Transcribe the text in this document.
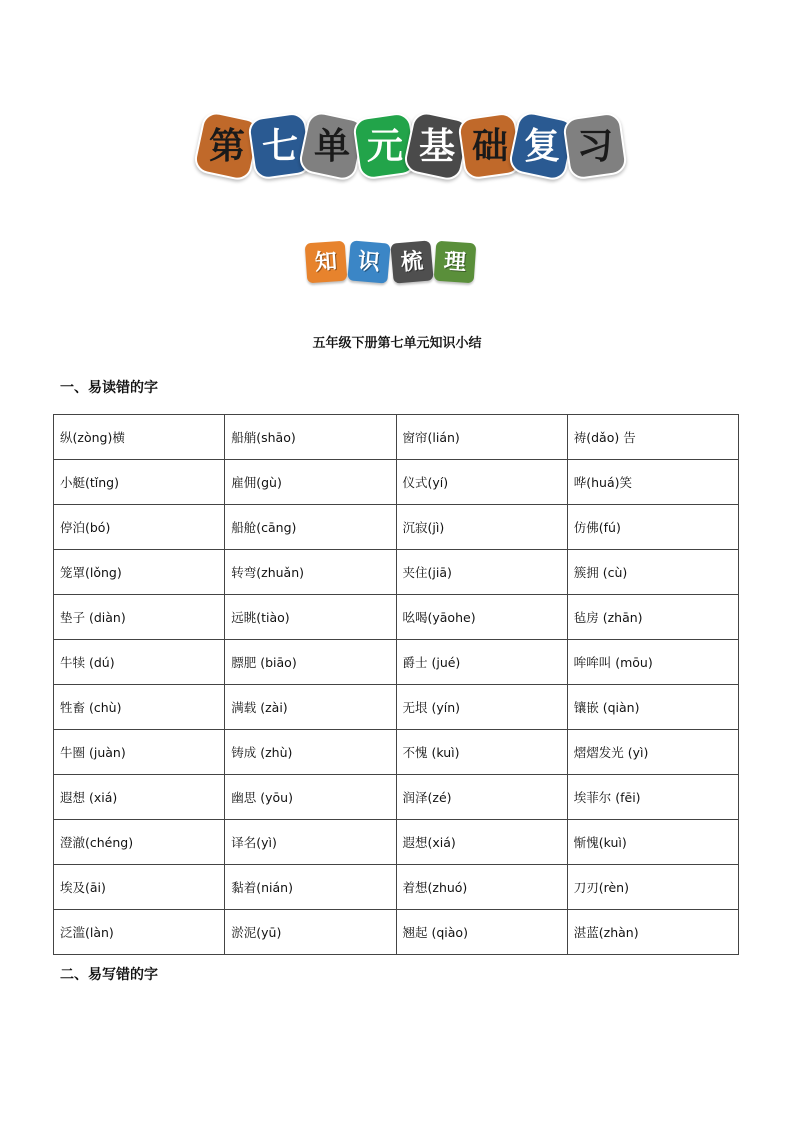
第 七 单 元 基 础 复 习
知 识 梳 理
五年级下册第七单元知识小结
一、易读错的字
纵(zòng)横	船艄(shāo)	窗帘(lián)	祷(dǎo) 告
小艇(tǐng)	雇佣(gù)	仪式(yí)	哗(huá)笑
停泊(bó)	船舱(cāng)	沉寂(jì)	仿佛(fú)
笼罩(lǒng)	转弯(zhuǎn)	夹住(jiā)	簇拥 (cù)
垫子 (diàn)	远眺(tiào)	吆喝(yāohe)	毡房 (zhān)
牛犊 (dú)	膘肥 (biāo)	爵士 (jué)	哞哞叫 (mōu)
牲畜 (chù)	满载 (zài)	无垠 (yín)	镶嵌 (qiàn)
牛圈 (juàn)	铸成 (zhù)	不愧 (kuì)	熠熠发光 (yì)
遐想 (xiá)	幽思 (yōu)	润泽(zé)	埃菲尔 (fēi)
澄澈(chéng)	译名(yì)	遐想(xiá)	惭愧(kuì)
埃及(āi)	黏着(nián)	着想(zhuó)	刀刃(rèn)
泛滥(làn)	淤泥(yū)	翘起 (qiào)	湛蓝(zhàn)
二、易写错的字
